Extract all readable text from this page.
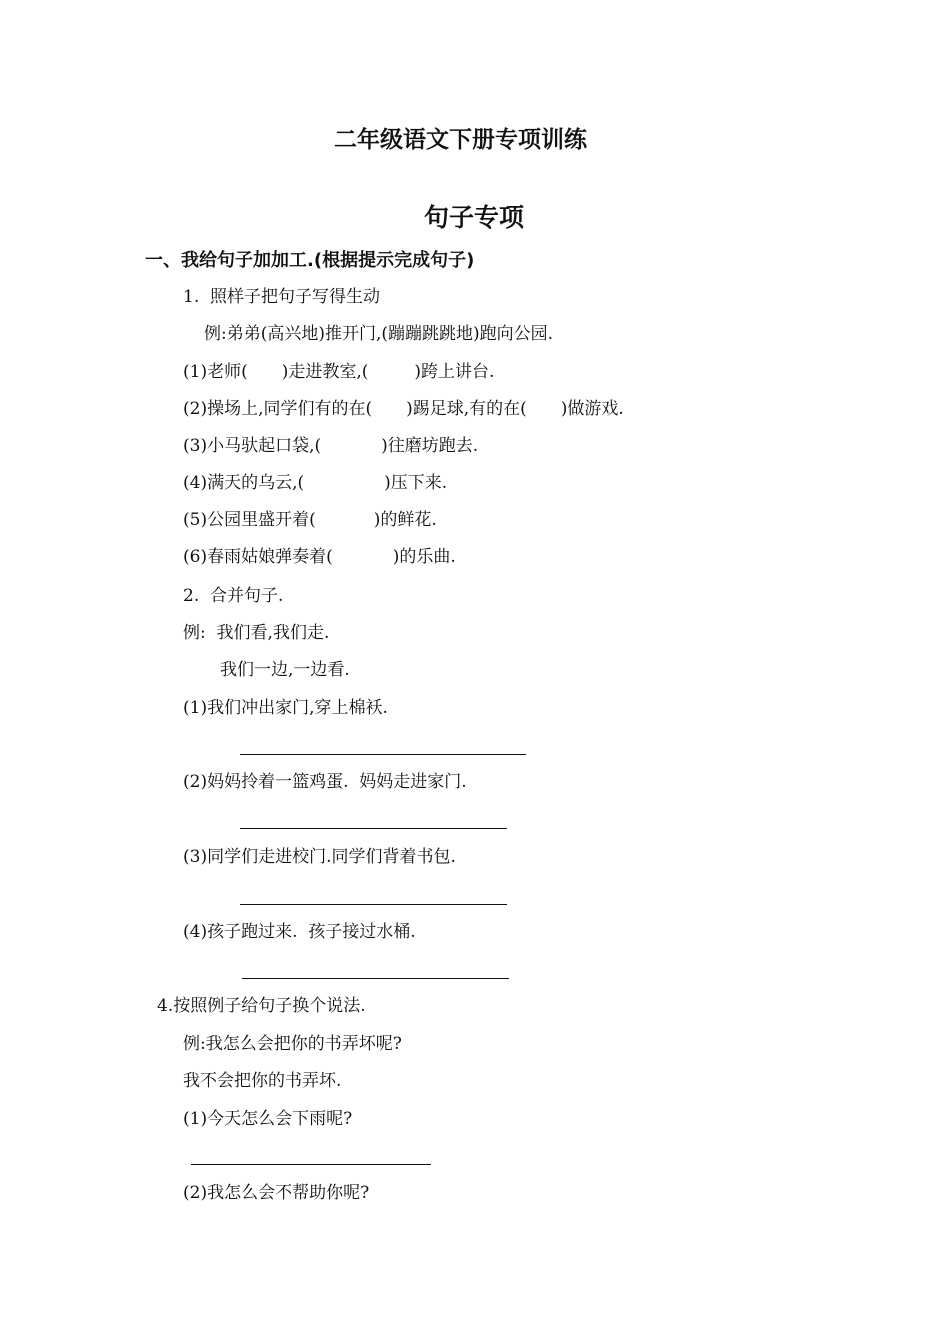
二年级语文下册专项训练
句子专项
一、我给句子加加工.(根据提示完成句子)
1.  照样子把句子写得生动
例:弟弟(高兴地)推开门,(蹦蹦跳跳地)跑向公园.
(1)老师( )走进教室,(	)跨上讲台.
(2)操场上,同学们有的在( )踢足球,有的在( )做游戏.
(3)小马驮起口袋,(	)往磨坊跑去.
(4)满天的乌云,(	)压下来.
(5)公园里盛开着(	)的鲜花.
(6)春雨姑娘弹奏着(	)的乐曲.
2.  合并句子.
例:  我们看,我们走.
我们一边,一边看.
(1)我们冲出家门,穿上棉袄.
(2)妈妈拎着一篮鸡蛋.  妈妈走进家门.
(3)同学们走进校门.同学们背着书包.
(4)孩子跑过来.  孩子接过水桶.
4.按照例子给句子换个说法.
例:我怎么会把你的书弄坏呢?
我不会把你的书弄坏.
(1)今天怎么会下雨呢?
(2)我怎么会不帮助你呢?
